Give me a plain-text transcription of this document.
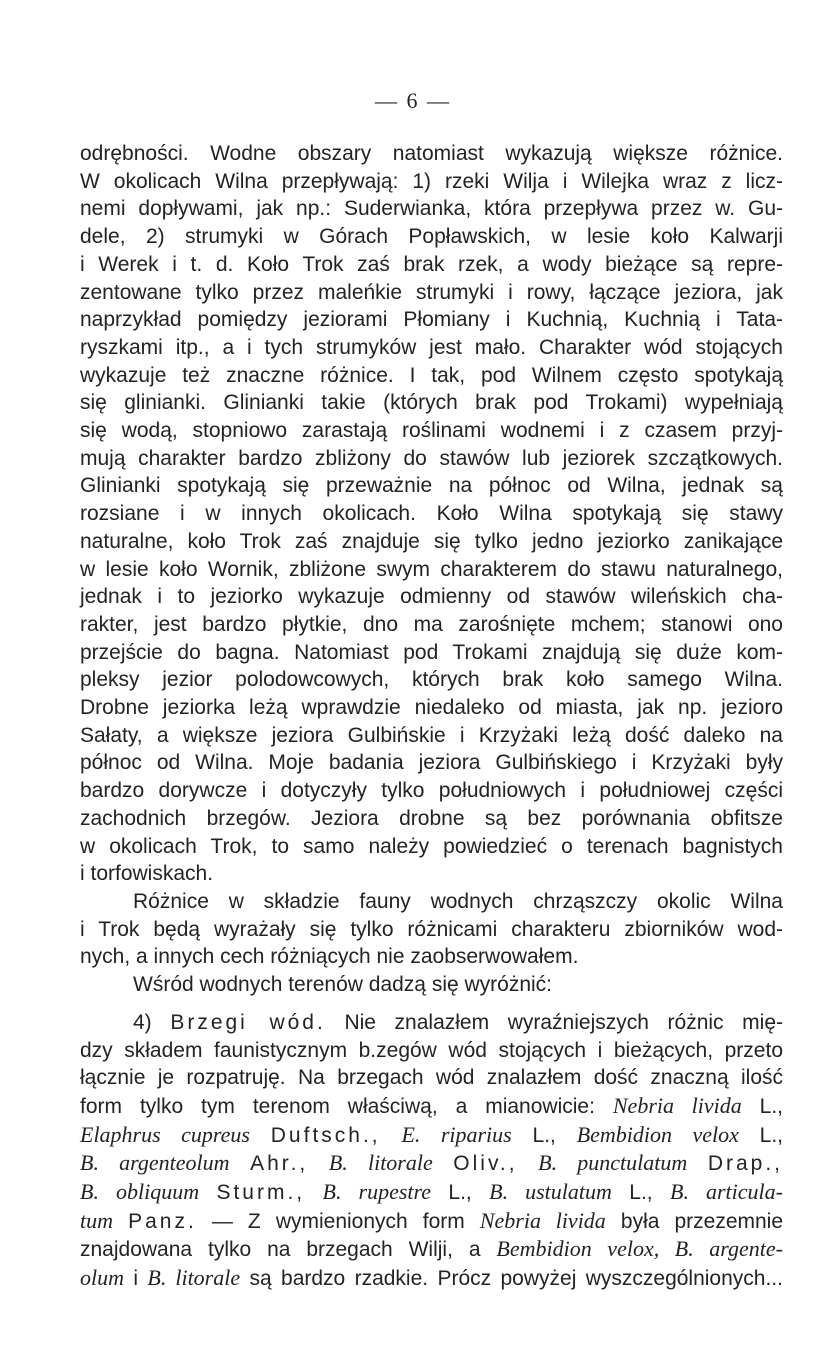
— 6 —
odrębności. Wodne obszary natomiast wykazują większe różnice.
W okolicach Wilna przepływają: 1) rzeki Wilja i Wilejka wraz z licz-
nemi dopływami, jak np.: Suderwianka, która przepływa przez w. Gu-
dele, 2) strumyki w Górach Popławskich, w lesie koło Kalwarji
i Werek i t. d. Koło Trok zaś brak rzek, a wody bieżące są repre-
zentowane tylko przez maleńkie strumyki i rowy, łączące jeziora, jak
naprzykład pomiędzy jeziorami Płomiany i Kuchnią, Kuchnią i Tata-
ryszkami itp., a i tych strumyków jest mało. Charakter wód stojących
wykazuje też znaczne różnice. I tak, pod Wilnem często spotykają
się glinianki. Glinianki takie (których brak pod Trokami) wypełniają
się wodą, stopniowo zarastają roślinami wodnemi i z czasem przyj-
mują charakter bardzo zbliżony do stawów lub jeziorek szczątkowych.
Glinianki spotykają się przeważnie na północ od Wilna, jednak są
rozsiane i w innych okolicach. Koło Wilna spotykają się stawy
naturalne, koło Trok zaś znajduje się tylko jedno jeziorko zanikające
w lesie koło Wornik, zbliżone swym charakterem do stawu naturalnego,
jednak i to jeziorko wykazuje odmienny od stawów wileńskich cha-
rakter, jest bardzo płytkie, dno ma zarośnięte mchem; stanowi ono
przejście do bagna. Natomiast pod Trokami znajdują się duże kom-
pleksy jezior polodowcowych, których brak koło samego Wilna.
Drobne jeziorka leżą wprawdzie niedaleko od miasta, jak np. jezioro
Sałaty, a większe jeziora Gulbińskie i Krzyżaki leżą dość daleko na
północ od Wilna. Moje badania jeziora Gulbińskiego i Krzyżaki były
bardzo dorywcze i dotyczyły tylko południowych i południowej części
zachodnich brzegów. Jeziora drobne są bez porównania obfitsze
w okolicach Trok, to samo należy powiedzieć o terenach bagnistych
i torfowiskach.
Różnice w składzie fauny wodnych chrząszczy okolic Wilna
i Trok będą wyrażały się tylko różnicami charakteru zbiorników wod-
nych, a innych cech różniących nie zaobserwowałem.
Wśród wodnych terenów dadzą się wyróżnić:
4) Brzegi wód. Nie znalazłem wyraźniejszych różnic mię-
dzy składem faunistycznym b.zegów wód stojących i bieżących, przeto
łącznie je rozpatruję. Na brzegach wód znalazłem dość znaczną ilość
form tylko tym terenom właściwą, a mianowicie: Nebria livida L.,
Elaphrus cupreus Duftsch., E. riparius L., Bembidion velox L.,
B. argenteolum Ahr., B. litorale Oliv., B. punctulatum Drap.,
B. obliquum Sturm., B. rupestre L., B. ustulatum L., B. articula-
tum Panz. — Z wymienionych form Nebria livida była przezemnie
znajdowana tylko na brzegach Wilji, a Bembidion velox, B. argente-
olum i B. litorale są bardzo rzadkie. Prócz powyżej wyszczególnionych...
